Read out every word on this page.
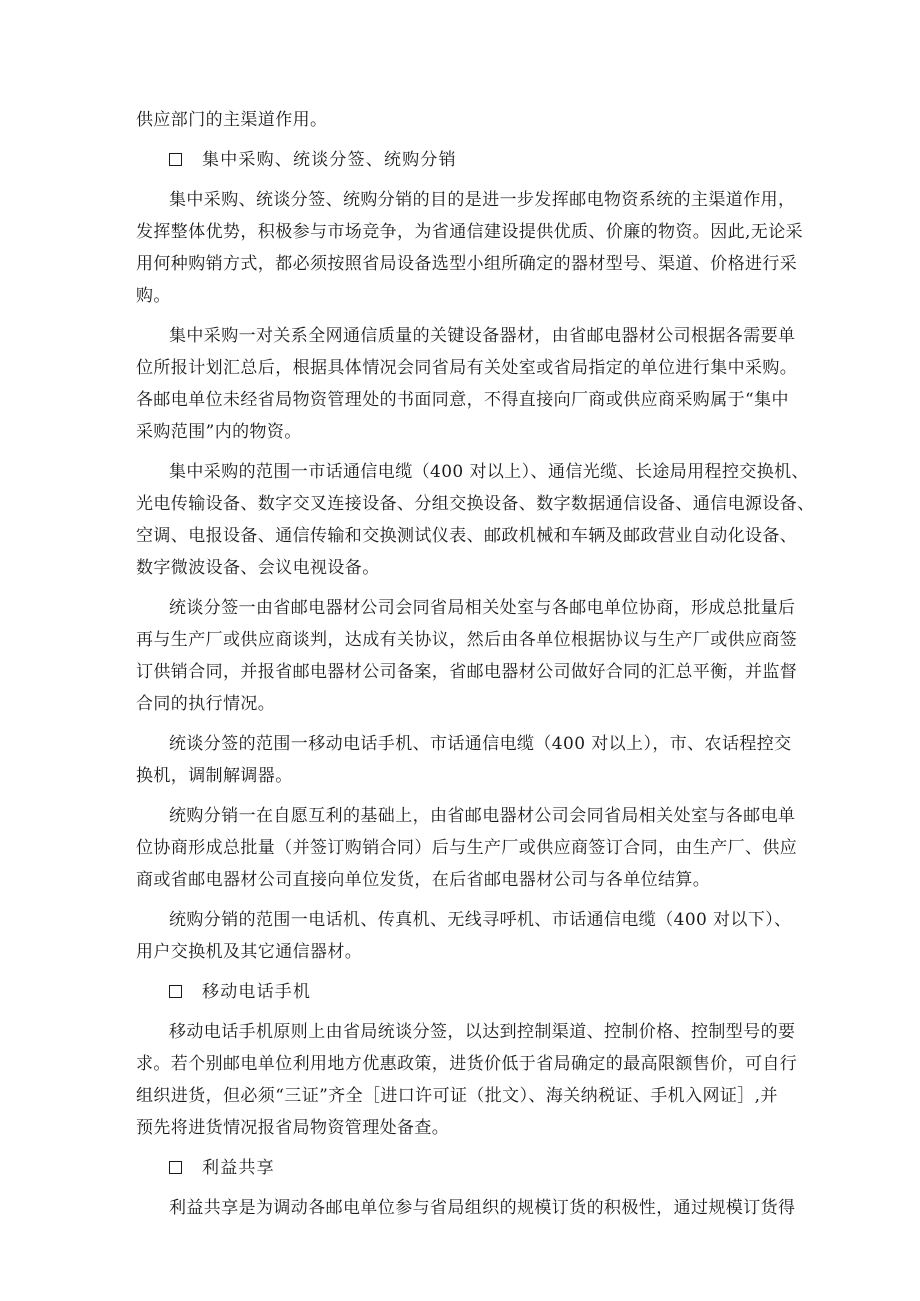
供应部门的主渠道作用。
集中采购、统谈分签、统购分销
集中采购、统谈分签、统购分销的目的是进一步发挥邮电物资系统的主渠道作用，
发挥整体优势，积极参与市场竞争，为省通信建设提供优质、价廉的物资。因此,无论采
用何种购销方式，都必须按照省局设备选型小组所确定的器材型号、渠道、价格进行采
购。
集中采购一对关系全网通信质量的关键设备器材，由省邮电器材公司根据各需要单
位所报计划汇总后，根据具体情况会同省局有关处室或省局指定的单位进行集中采购。
各邮电单位未经省局物资管理处的书面同意，不得直接向厂商或供应商采购属于“集中
采购范围”内的物资。
集中采购的范围一市话通信电缆（400 对以上）、通信光缆、长途局用程控交换机、
光电传输设备、数字交叉连接设备、分组交换设备、数字数据通信设备、通信电源设备、
空调、电报设备、通信传输和交换测试仪表、邮政机械和车辆及邮政营业自动化设备、
数字微波设备、会议电视设备。
统谈分签一由省邮电器材公司会同省局相关处室与各邮电单位协商，形成总批量后
再与生产厂或供应商谈判，达成有关协议，然后由各单位根据协议与生产厂或供应商签
订供销合同，并报省邮电器材公司备案，省邮电器材公司做好合同的汇总平衡，并监督
合同的执行情况。
统谈分签的范围一移动电话手机、市话通信电缆（400 对以上），市、农话程控交
换机，调制解调器。
统购分销一在自愿互利的基础上，由省邮电器材公司会同省局相关处室与各邮电单
位协商形成总批量（并签订购销合同）后与生产厂或供应商签订合同，由生产厂、供应
商或省邮电器材公司直接向单位发货，在后省邮电器材公司与各单位结算。
统购分销的范围一电话机、传真机、无线寻呼机、市话通信电缆（400 对以下）、
用户交换机及其它通信器材。
移动电话手机
移动电话手机原则上由省局统谈分签，以达到控制渠道、控制价格、控制型号的要
求。若个别邮电单位利用地方优惠政策，进货价低于省局确定的最高限额售价，可自行
组织进货，但必须“三证”齐全［进口许可证（批文）、海关纳税证、手机入网证］,并
预先将进货情况报省局物资管理处备查。
利益共享
利益共享是为调动各邮电单位参与省局组织的规模订货的积极性，通过规模订货得
